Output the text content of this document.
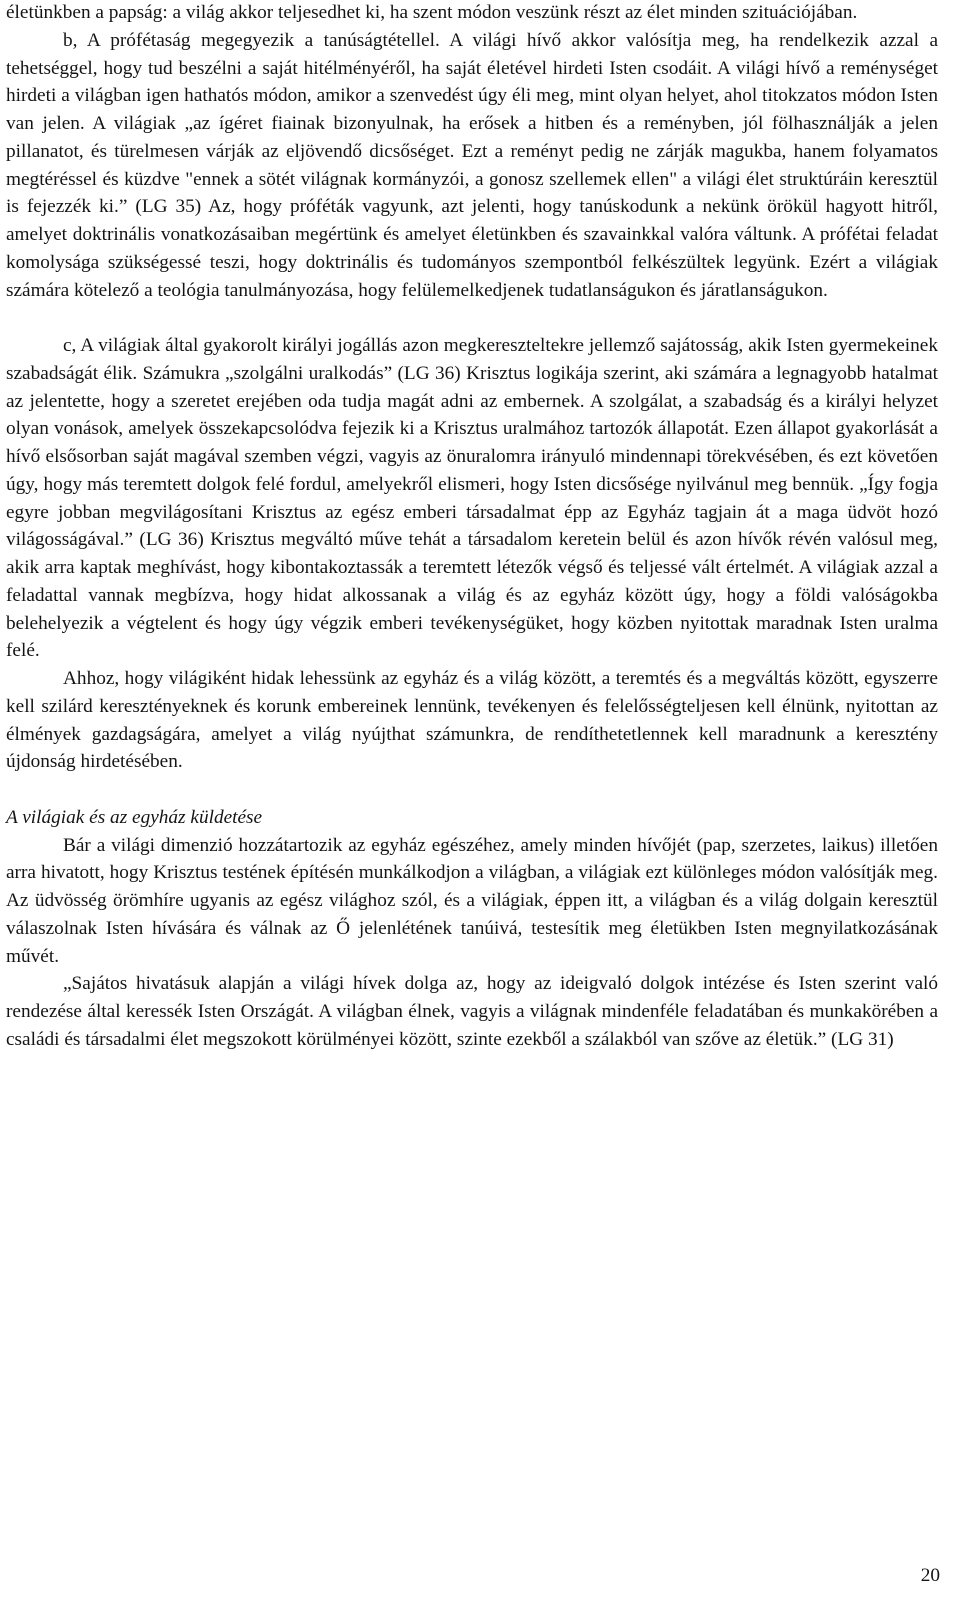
életünkben a papság: a világ akkor teljesedhet ki, ha szent módon veszünk részt az élet minden szituációjában.

b, A prófétaság megegyezik a tanúságtétellel. A világi hívő akkor valósítja meg, ha rendelkezik azzal a tehetséggel, hogy tud beszélni a saját hitélményéről, ha saját életével hirdeti Isten csodáit. A világi hívő a reménységet hirdeti a világban igen hathatós módon, amikor a szenvedést úgy éli meg, mint olyan helyet, ahol titokzatos módon Isten van jelen. A világiak „az ígéret fiainak bizonyulnak, ha erősek a hitben és a reményben, jól fölhasználják a jelen pillanatot, és türelmesen várják az eljövendő dicsőséget. Ezt a reményt pedig ne zárják magukba, hanem folyamatos megtéréssel és küzdve "ennek a sötét világnak kormányzói, a gonosz szellemek ellen" a világi élet struktúráin keresztül is fejezzék ki.” (LG 35) Az, hogy próféták vagyunk, azt jelenti, hogy tanúskodunk a nekünk örökül hagyott hitről, amelyet doktrinális vonatkozásaiban megértünk és amelyet életünkben és szavainkkal valóra váltunk. A prófétai feladat komolysága szükségessé teszi, hogy doktrinális és tudományos szempontból felkészültek legyünk. Ezért a világiak számára kötelező a teológia tanulmányozása, hogy felülemelkedjenek tudatlanságukon és járatlanságukon.

c, A világiak által gyakorolt királyi jogállás azon megkereszteltekre jellemző sajátosság, akik Isten gyermekeinek szabadságát élik. Számukra „szolgálni uralkodás” (LG 36) Krisztus logikája szerint, aki számára a legnagyobb hatalmat az jelentette, hogy a szeretet erejében oda tudja magát adni az embernek. A szolgálat, a szabadság és a királyi helyzet olyan vonások, amelyek összekapcsolódva fejezik ki a Krisztus uralmához tartozók állapotát. Ezen állapot gyakorlását a hívő elsősorban saját magával szemben végzi, vagyis az önuralomra irányuló mindennapi törekvésében, és ezt követően úgy, hogy más teremtett dolgok felé fordul, amelyekről elismeri, hogy Isten dicsősége nyilvánul meg bennük. „Így fogja egyre jobban megvilágosítani Krisztus az egész emberi társadalmat épp az Egyház tagjain át a maga üdvöt hozó világosságával.” (LG 36) Krisztus megváltó műve tehát a társadalom keretein belül és azon hívők révén valósul meg, akik arra kaptak meghívást, hogy kibontakoztassák a teremtett létezők végső és teljessé vált értelmét. A világiak azzal a feladattal vannak megbízva, hogy hidat alkossanak a világ és az egyház között úgy, hogy a földi valóságokba belehelyezik a végtelent és hogy úgy végzik emberi tevékenységüket, hogy közben nyitottak maradnak Isten uralma felé.

Ahhoz, hogy világiként hidak lehessünk az egyház és a világ között, a teremtés és a megváltás között, egyszerre kell szilárd keresztényeknek és korunk embereinek lennünk, tevékenyen és felelősségteljesen kell élnünk, nyitottan az élmények gazdagságára, amelyet a világ nyújthat számunkra, de rendíthetetlennek kell maradnunk a keresztény újdonság hirdetésében.

A világiak és az egyház küldetése

Bár a világi dimenzió hozzátartozik az egyház egészéhez, amely minden hívőjét (pap, szerzetes, laikus) illetően arra hivatott, hogy Krisztus testének építésén munkálkodjon a világban, a világiak ezt különleges módon valósítják meg. Az üdvösség örömhíre ugyanis az egész világhoz szól, és a világiak, éppen itt, a világban és a világ dolgain keresztül válaszolnak Isten hívására és válnak az Ő jelenlétének tanúivá, testesítik meg életükben Isten megnyilatkozásának művét.

„Sajátos hivatásuk alapján a világi hívek dolga az, hogy az ideigvaló dolgok intézése és Isten szerint való rendezése által keressék Isten Országát. A világban élnek, vagyis a világnak mindenféle feladatában és munkakörében a családi és társadalmi élet megszokott körülményei között, szinte ezekből a szálakból van szőve az életük.” (LG 31)

20
